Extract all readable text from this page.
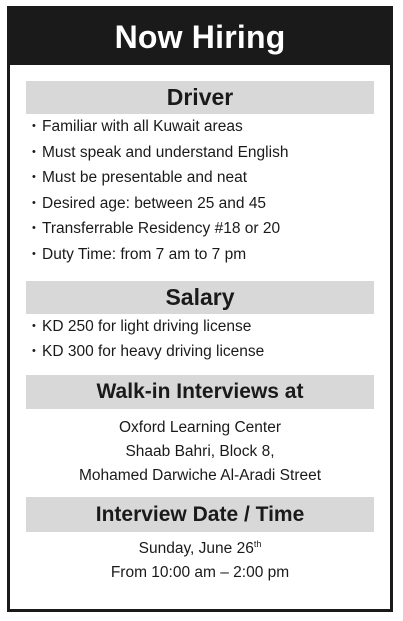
Now Hiring
Driver
• Familiar with all Kuwait areas
• Must speak and understand English
• Must be presentable and neat
• Desired age: between 25 and 45
• Transferrable Residency #18 or 20
• Duty Time: from 7 am to 7 pm
Salary
• KD 250 for light driving license
• KD 300 for heavy driving license
Walk-in Interviews at
Oxford Learning Center
Shaab Bahri, Block 8,
Mohamed Darwiche Al-Aradi Street
Interview Date / Time
Sunday, June 26th
From 10:00 am – 2:00 pm
